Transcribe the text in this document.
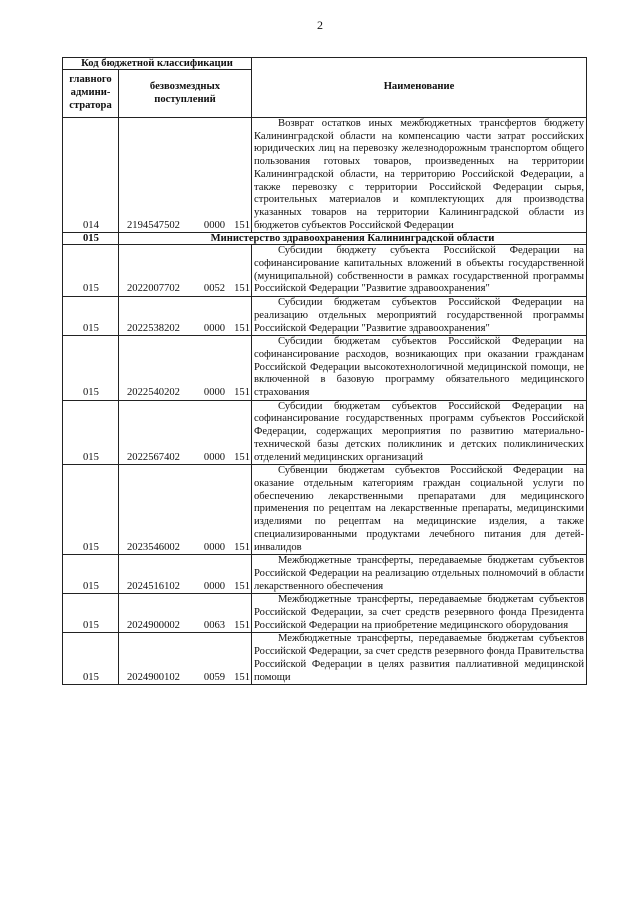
2
Код бюджетной классификации		Наименование
главного админи-стратора	безвозмездных поступлений	
014	2194547502 0000 151	Возврат остатков иных межбюджетных трансфертов бюджету Калининградской области на компенсацию части затрат российских юридических лиц на перевозку железнодорожным транспортом общего пользования готовых товаров, произведенных на территории Калининградской области, на территорию Российской Федерации, а также перевозку с территории Российской Федерации сырья, строительных материалов и комплектующих для производства указанных товаров на территории Калининградской области из бюджетов субъектов Российской Федерации
015	Министерство здравоохранения Калининградской области	
015	2022007702 0052 151	Субсидии бюджету субъекта Российской Федерации на софинансирование капитальных вложений в объекты государственной (муниципальной) собственности в рамках государственной программы Российской Федерации "Развитие здравоохранения"
015	2022538202 0000 151	Субсидии бюджетам субъектов Российской Федерации на реализацию отдельных мероприятий государственной программы Российской Федерации "Развитие здравоохранения"
015	2022540202 0000 151	Субсидии бюджетам субъектов Российской Федерации на софинансирование расходов, возникающих при оказании гражданам Российской Федерации высокотехнологичной медицинской помощи, не включенной в базовую программу обязательного медицинского страхования
015	2022567402 0000 151	Субсидии бюджетам субъектов Российской Федерации на софинансирование государственных программ субъектов Российской Федерации, содержащих мероприятия по развитию материально-технической базы детских поликлиник и детских поликлинических отделений медицинских организаций
015	2023546002 0000 151	Субвенции бюджетам субъектов Российской Федерации на оказание отдельным категориям граждан социальной услуги по обеспечению лекарственными препаратами для медицинского применения по рецептам на лекарственные препараты, медицинскими изделиями по рецептам на медицинские изделия, а также специализированными продуктами лечебного питания для детей-инвалидов
015	2024516102 0000 151	Межбюджетные трансферты, передаваемые бюджетам субъектов Российской Федерации на реализацию отдельных полномочий в области лекарственного обеспечения
015	2024900002 0063 151	Межбюджетные трансферты, передаваемые бюджетам субъектов Российской Федерации, за счет средств резервного фонда Президента Российской Федерации на приобретение медицинского оборудования
015	2024900102 0059 151	Межбюджетные трансферты, передаваемые бюджетам субъектов Российской Федерации, за счет средств резервного фонда Правительства Российской Федерации в целях развития паллиативной медицинской помощи
